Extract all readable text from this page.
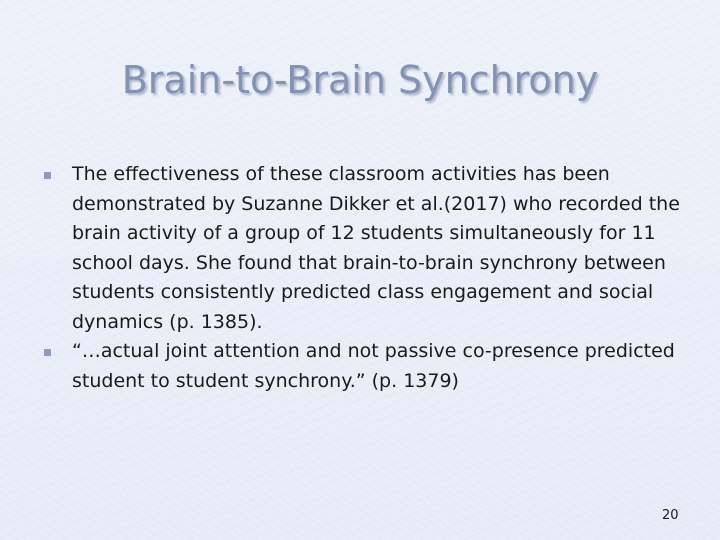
Brain-to-Brain Synchrony
The effectiveness of these classroom activities has been demonstrated by Suzanne Dikker et al.(2017) who recorded the brain activity of a group of 12 students simultaneously for 11 school days. She found that brain-to-brain synchrony between students consistently predicted class engagement and social dynamics (p. 1385).
“…actual joint attention and not passive co-presence predicted student to student synchrony.” (p. 1379)
20
